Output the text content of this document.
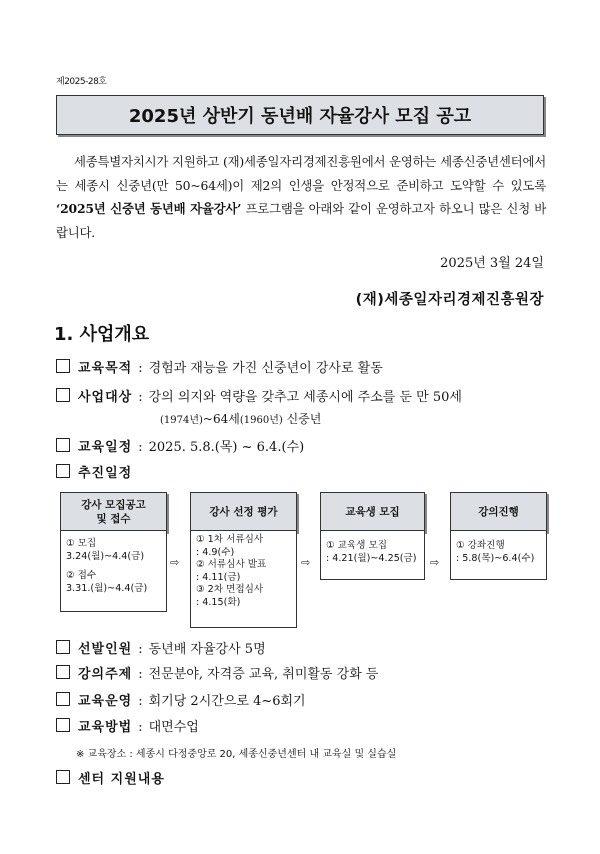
제2025-28호
2025년 상반기 동년배 자율강사 모집 공고
세종특별자치시가 지원하고 (재)세종일자리경제진흥원에서 운영하는 세종신중년센터에서는 세종시 신중년(만 50~64세)이 제2의 인생을 안정적으로 준비하고 도약할 수 있도록 ‘2025년 신중년 동년배 자율강사’ 프로그램을 아래와 같이 운영하고자 하오니 많은 신청 바랍니다.
2025년 3월 24일
(재)세종일자리경제진흥원장
1. 사업개요
교육목적 : 경험과 재능을 가진 신중년이 강사로 활동
사업대상 : 강의 의지와 역량을 갖추고 세종시에 주소를 둔 만 50세
(1974년)~64세(1960년) 신중년
교육일정 : 2025. 5.8.(목) ~ 6.4.(수)
추진일정
강사 모집공고
및 접수
① 모집
3.24(월)~4.4(금)
② 접수
3.31.(월)~4.4(금)
⇨
강사 선정 평가
① 1차 서류심사
: 4.9(수)
② 서류심사 발표
: 4.11(금)
③ 2차 면접심사
: 4.15(화)
⇨
교육생 모집
① 교육생 모집
: 4.21(월)~4.25(금) ⇨
강의진행
① 강좌진행
: 5.8(목)~6.4(수)
선발인원 : 동년배 자율강사 5명
강의주제 : 전문분야, 자격증 교육, 취미활동 강화 등
교육운영 : 회기당 2시간으로 4~6회기
교육방법 : 대면수업
※ 교육장소 : 세종시 다정중앙로 20, 세종신중년센터 내 교육실 및 실습실
센터 지원내용
